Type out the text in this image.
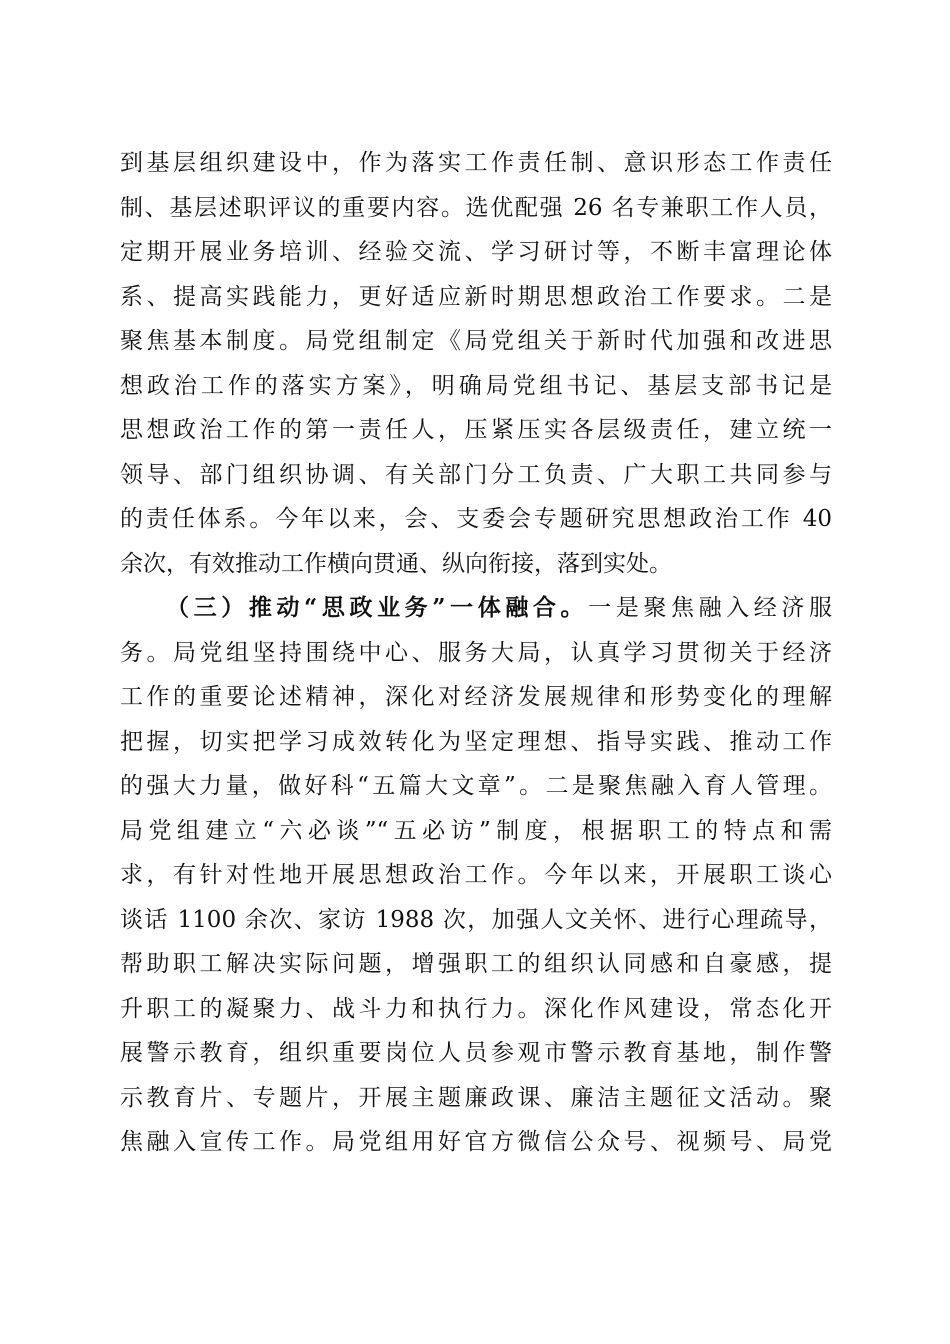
到基层组织建设中，作为落实工作责任制、意识形态工作责任
制、基层述职评议的重要内容。选优配强 26 名专兼职工作人员，
定期开展业务培训、经验交流、学习研讨等，不断丰富理论体
系、提高实践能力，更好适应新时期思想政治工作要求。二是
聚焦基本制度。局党组制定《局党组关于新时代加强和改进思
想政治工作的落实方案》，明确局党组书记、基层支部书记是
思想政治工作的第一责任人，压紧压实各层级责任，建立统一
领导、部门组织协调、有关部门分工负责、广大职工共同参与
的责任体系。今年以来，会、支委会专题研究思想政治工作 40
余次，有效推动工作横向贯通、纵向衔接，落到实处。
（三）推动“思政业务”一体融合。一是聚焦融入经济服
务。局党组坚持围绕中心、服务大局，认真学习贯彻关于经济
工作的重要论述精神，深化对经济发展规律和形势变化的理解
把握，切实把学习成效转化为坚定理想、指导实践、推动工作
的强大力量，做好科“五篇大文章”。二是聚焦融入育人管理。
局党组建立“六必谈”“五必访”制度，根据职工的特点和需
求，有针对性地开展思想政治工作。今年以来，开展职工谈心
谈话 1100 余次、家访 1988 次，加强人文关怀、进行心理疏导，
帮助职工解决实际问题，增强职工的组织认同感和自豪感，提
升职工的凝聚力、战斗力和执行力。深化作风建设，常态化开
展警示教育，组织重要岗位人员参观市警示教育基地，制作警
示教育片、专题片，开展主题廉政课、廉洁主题征文活动。聚
焦融入宣传工作。局党组用好官方微信公众号、视频号、局党
